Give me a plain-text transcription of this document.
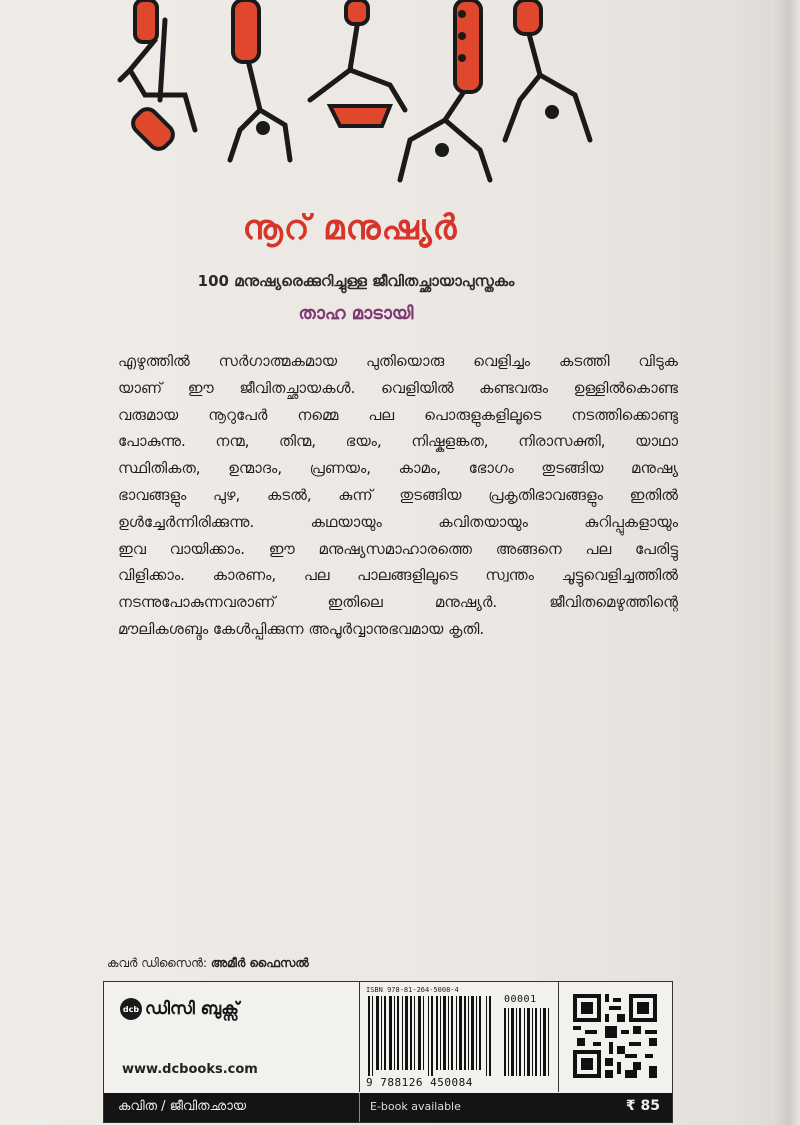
നൂറ് മനുഷ്യർ
100 മനുഷ്യരെക്കുറിച്ചുള്ള ജീവിതച്ഛായാപുസ്തകം
താഹ മാടായി
എഴുത്തിൽ സർഗാത്മകമായ പുതിയൊരു വെളിച്ചം കടത്തി വിടുക
യാണ് ഈ ജീവിതച്ഛായകൾ. വെളിയിൽ കണ്ടവരും ഉള്ളിൽകൊണ്ട
വരുമായ നൂറുപേർ നമ്മെ പല പൊരുളുകളിലൂടെ നടത്തിക്കൊണ്ടു
പോകുന്നു. നന്മ, തിന്മ, ഭയം, നിഷ്കളങ്കത, നിരാസക്തി, യാഥാ
സ്ഥിതികത, ഉന്മാദം, പ്രണയം, കാമം, ഭോഗം തുടങ്ങിയ മനുഷ്യ
ഭാവങ്ങളും പുഴ, കടൽ, കുന്ന് തുടങ്ങിയ പ്രകൃതിഭാവങ്ങളും ഇതിൽ
ഉൾച്ചേർന്നിരിക്കുന്നു. കഥയായും കവിതയായും കുറിപ്പുകളായും
ഇവ വായിക്കാം. ഈ മനുഷ്യസമാഹാരത്തെ അങ്ങനെ പല പേരിട്ടു
വിളിക്കാം. കാരണം, പല പാലങ്ങളിലൂടെ സ്വന്തം ചൂട്ടുവെളിച്ചത്തിൽ
നടന്നുപോകുന്നവരാണ് ഇതിലെ മനുഷ്യർ. ജീവിതമെഴുത്തിന്റെ
മൗലികശബ്ദം കേൾപ്പിക്കുന്ന അപൂർവ്വാനുഭവമായ കൃതി.
കവർ ഡിസൈൻ: അമീർ ഫൈസൽ
dcb ഡിസി ബുക്സ്
www.dcbooks.com
ISBN 978-81-264-5008-4
00001
9 788126 450084
കവിത / ജീവിതഛായ	E-book available	₹ 85
